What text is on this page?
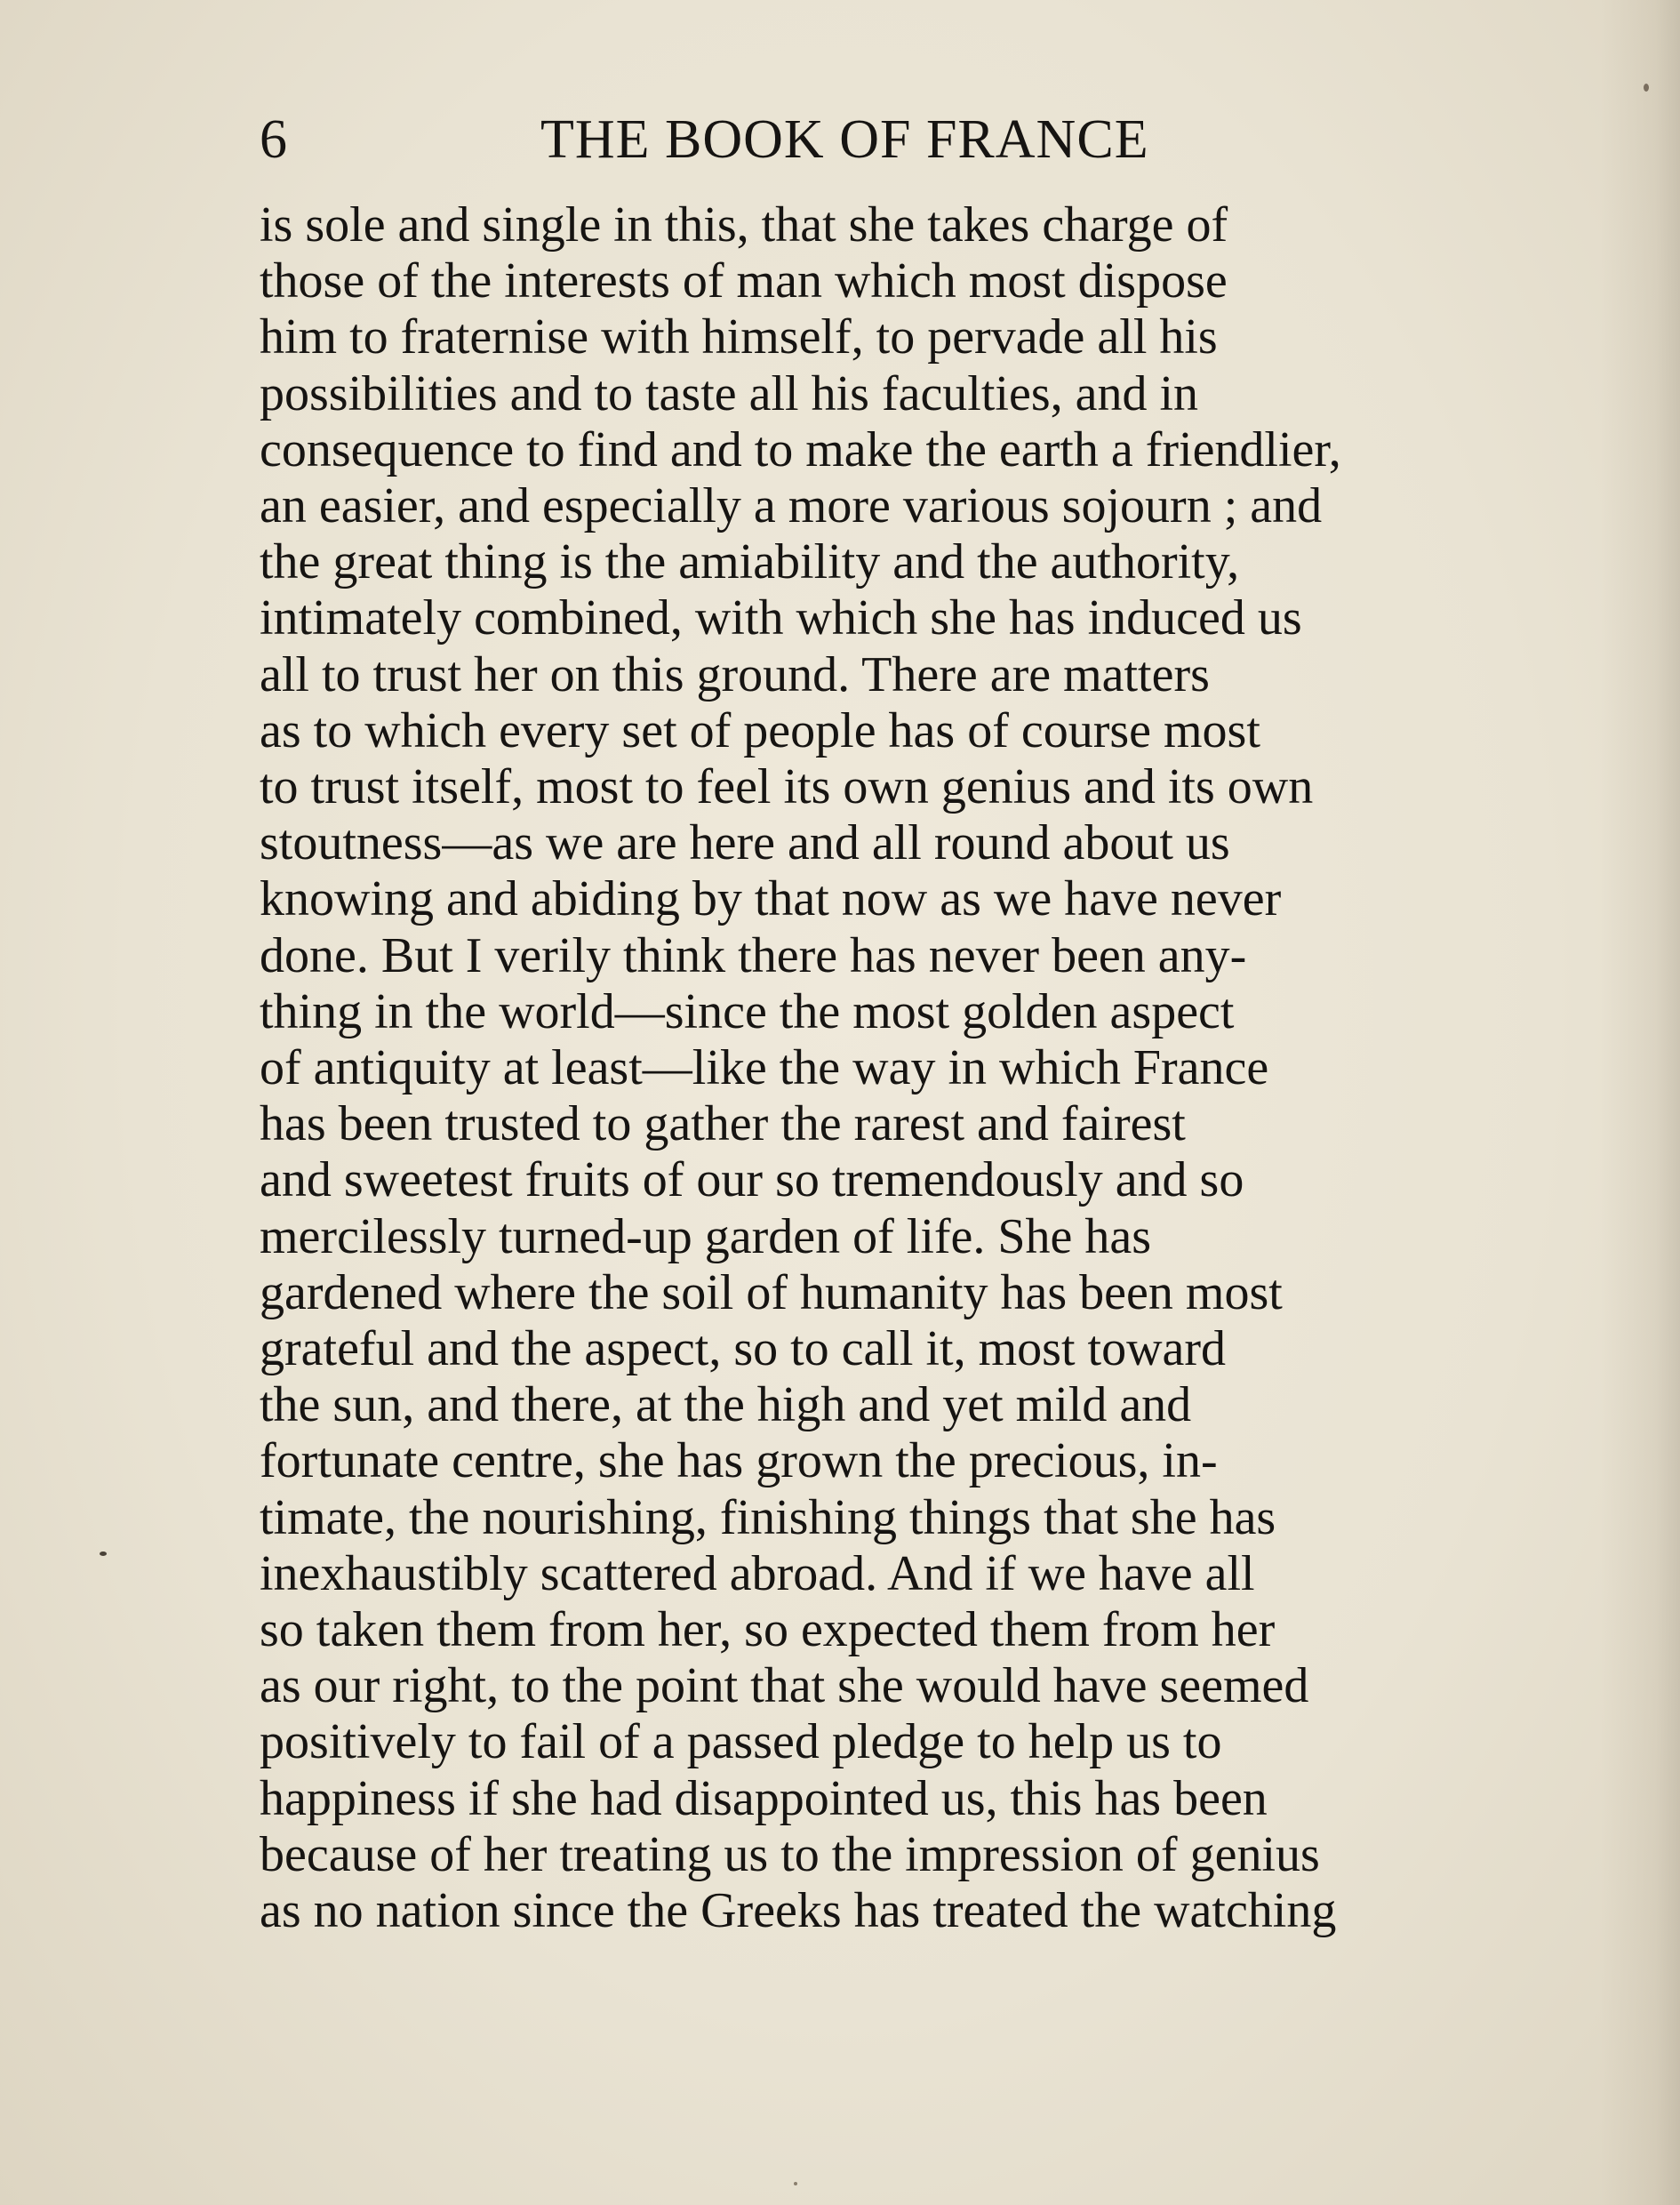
6	THE BOOK OF FRANCE
is sole and single in this, that she takes charge of
those of the interests of man which most dispose
him to fraternise with himself, to pervade all his
possibilities and to taste all his faculties, and in
consequence to find and to make the earth a friendlier,
an easier, and especially a more various sojourn ; and
the great thing is the amiability and the authority,
intimately combined, with which she has induced us
all to trust her on this ground. There are matters
as to which every set of people has of course most
to trust itself, most to feel its own genius and its own
stoutness—as we are here and all round about us
knowing and abiding by that now as we have never
done. But I verily think there has never been any-
thing in the world—since the most golden aspect
of antiquity at least—like the way in which France
has been trusted to gather the rarest and fairest
and sweetest fruits of our so tremendously and so
mercilessly turned-up garden of life. She has
gardened where the soil of humanity has been most
grateful and the aspect, so to call it, most toward
the sun, and there, at the high and yet mild and
fortunate centre, she has grown the precious, in-
timate, the nourishing, finishing things that she has
inexhaustibly scattered abroad. And if we have all
so taken them from her, so expected them from her
as our right, to the point that she would have seemed
positively to fail of a passed pledge to help us to
happiness if she had disappointed us, this has been
because of her treating us to the impression of genius
as no nation since the Greeks has treated the watching
